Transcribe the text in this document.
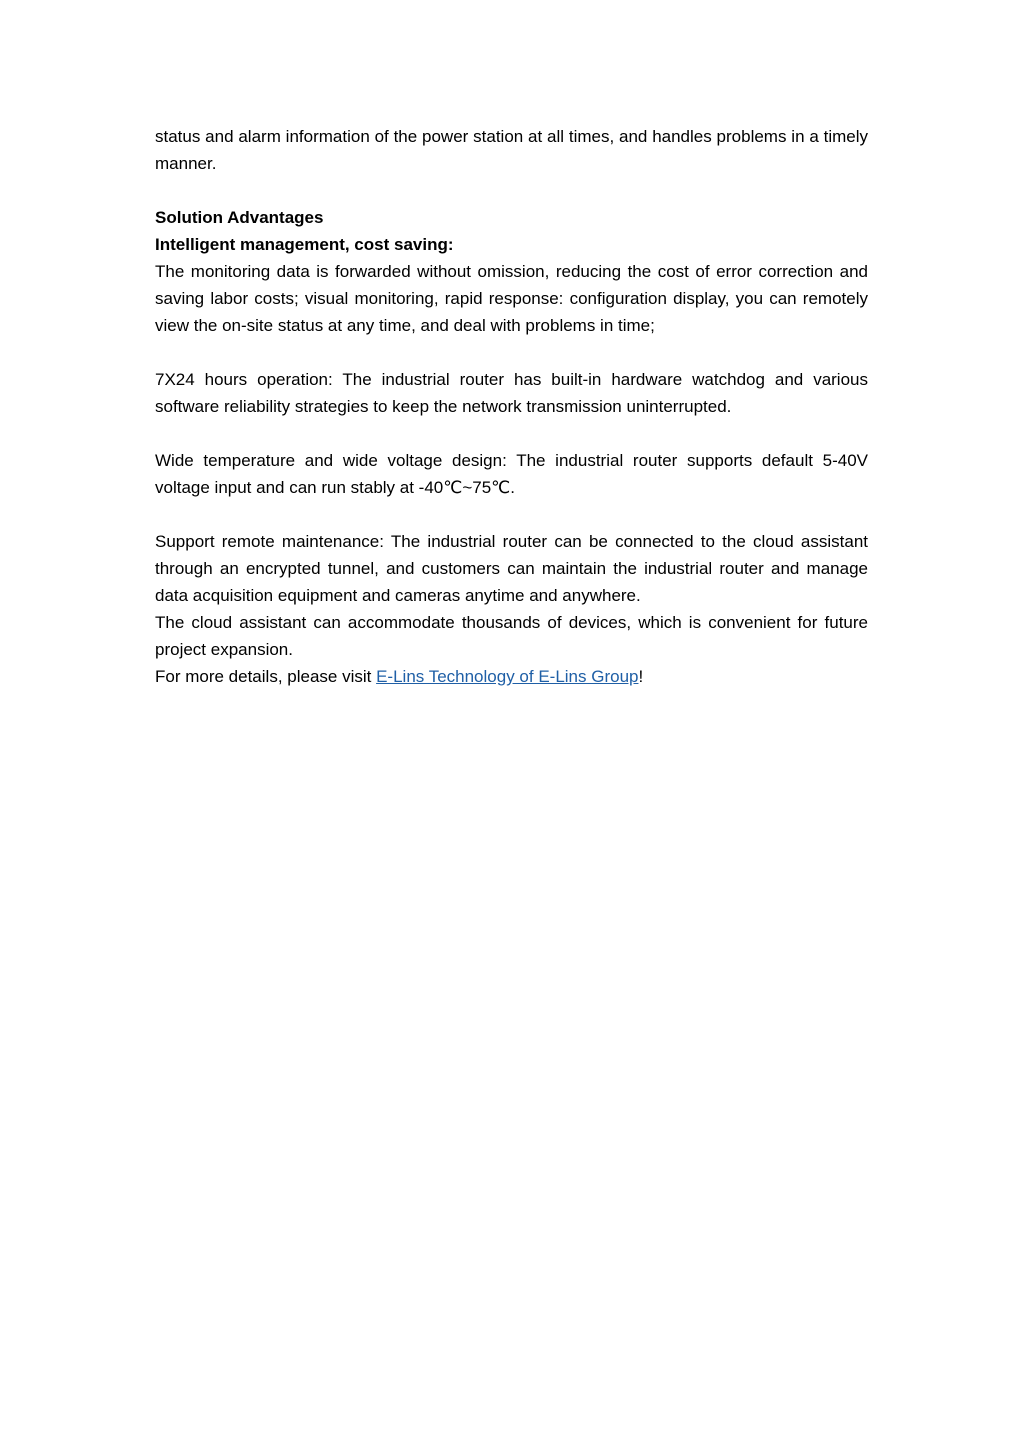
status and alarm information of the power station at all times, and handles problems in a timely manner.

Solution Advantages

Intelligent management, cost saving:

The monitoring data is forwarded without omission, reducing the cost of error correction and saving labor costs; visual monitoring, rapid response: configuration display, you can remotely view the on-site status at any time, and deal with problems in time;

7X24 hours operation: The industrial router has built-in hardware watchdog and various software reliability strategies to keep the network transmission uninterrupted.

Wide temperature and wide voltage design: The industrial router supports default 5-40V voltage input and can run stably at -40℃~75℃.

Support remote maintenance: The industrial router can be connected to the cloud assistant through an encrypted tunnel, and customers can maintain the industrial router and manage data acquisition equipment and cameras anytime and anywhere.

The cloud assistant can accommodate thousands of devices, which is convenient for future project expansion.

For more details, please visit E-Lins Technology of E-Lins Group!
